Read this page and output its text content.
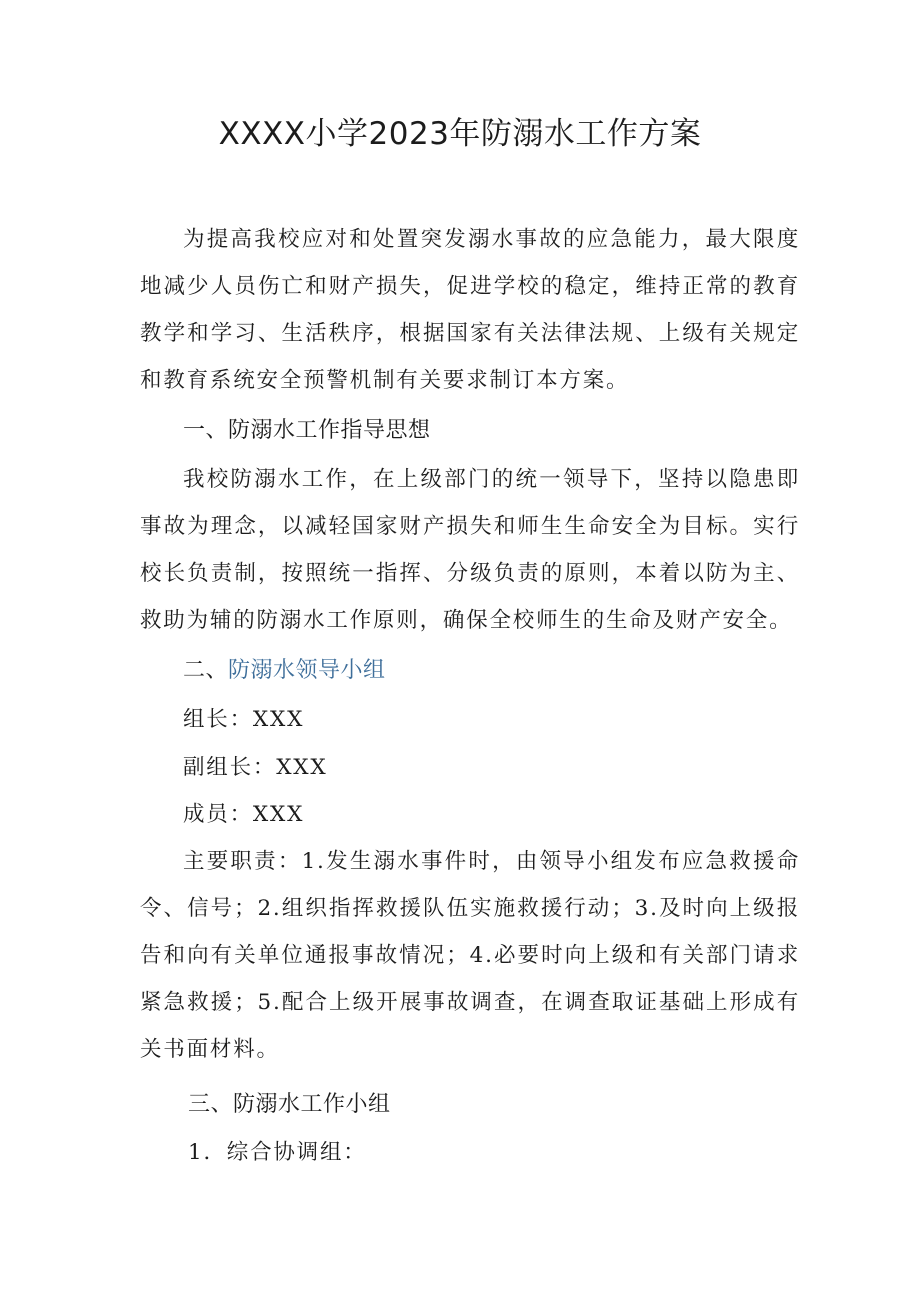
XXXX小学2023年防溺水工作方案

为提高我校应对和处置突发溺水事故的应急能力，最大限度地减少人员伤亡和财产损失，促进学校的稳定，维持正常的教育教学和学习、生活秩序，根据国家有关法律法规、上级有关规定和教育系统安全预警机制有关要求制订本方案。

一、防溺水工作指导思想

我校防溺水工作，在上级部门的统一领导下，坚持以隐患即事故为理念，以减轻国家财产损失和师生生命安全为目标。实行校长负责制，按照统一指挥、分级负责的原则，本着以防为主、救助为辅的防溺水工作原则，确保全校师生的生命及财产安全。

二、防溺水领导小组

组长：XXX

副组长：XXX

成员：XXX

主要职责：1.发生溺水事件时，由领导小组发布应急救援命令、信号；2.组织指挥救援队伍实施救援行动；3.及时向上级报告和向有关单位通报事故情况；4.必要时向上级和有关部门请求紧急救援；5.配合上级开展事故调查，在调查取证基础上形成有关书面材料。

三、防溺水工作小组

1．综合协调组：
